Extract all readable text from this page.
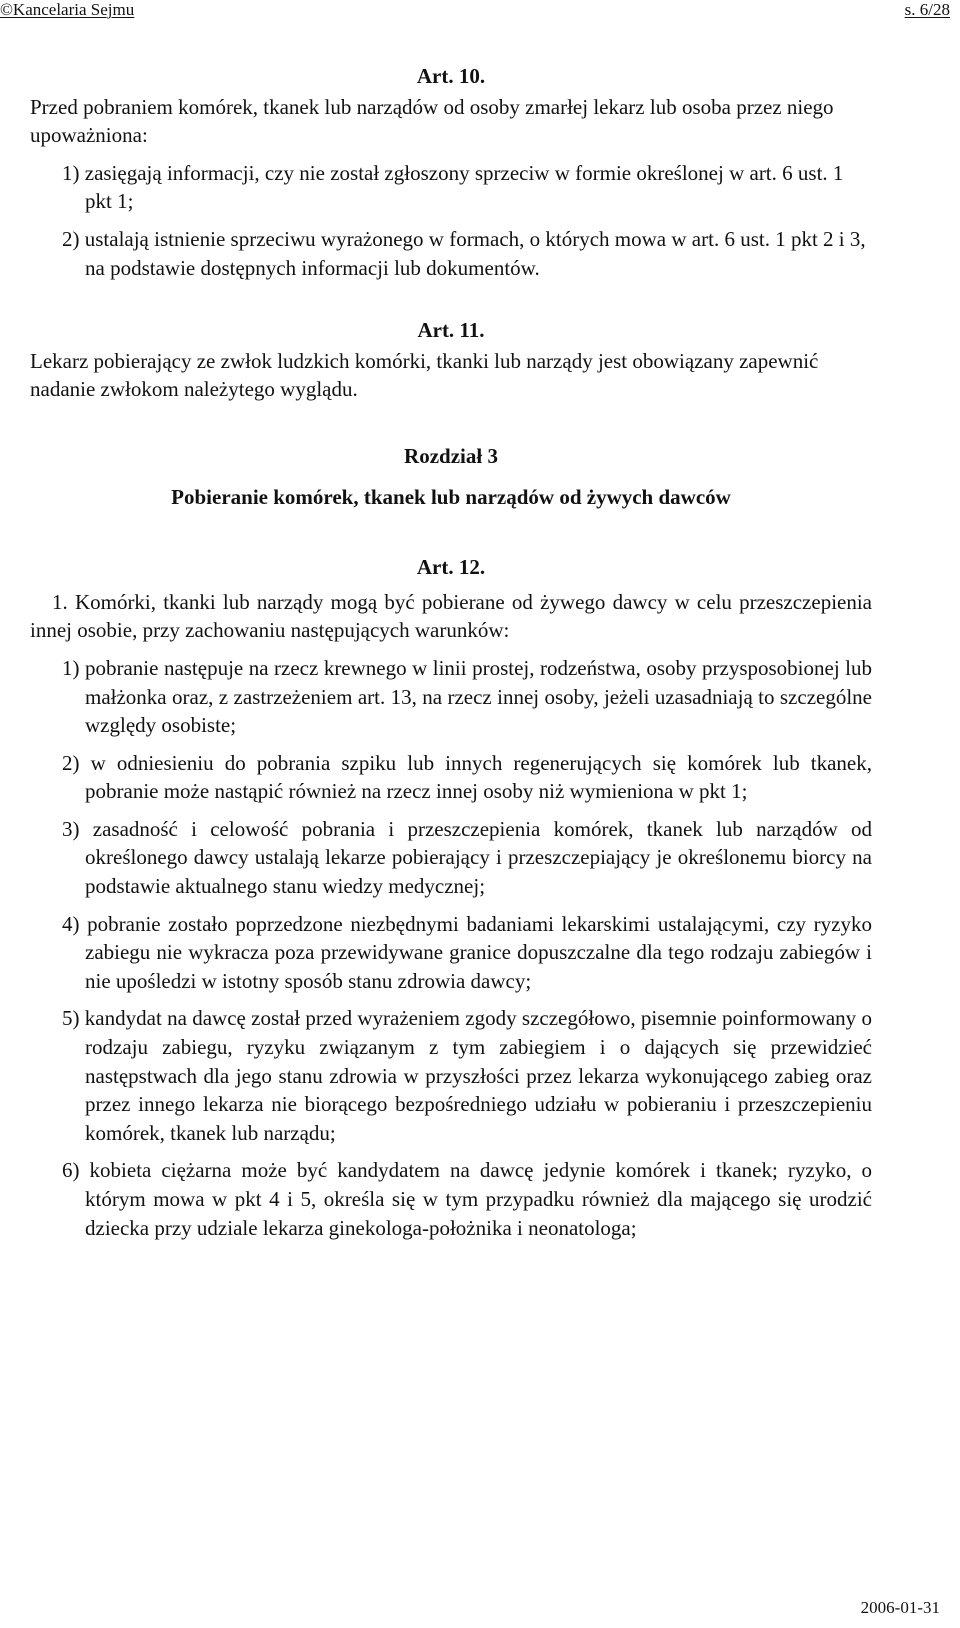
©Kancelaria Sejmu	s. 6/28

Art. 10.

Przed pobraniem komórek, tkanek lub narządów od osoby zmarłej lekarz lub osoba przez niego upoważniona:

1) zasięgają informacji, czy nie został zgłoszony sprzeciw w formie określonej w art. 6 ust. 1 pkt 1;

2) ustalają istnienie sprzeciwu wyrażonego w formach, o których mowa w art. 6 ust. 1 pkt 2 i 3, na podstawie dostępnych informacji lub dokumentów.

Art. 11.

Lekarz pobierający ze zwłok ludzkich komórki, tkanki lub narządy jest obowiązany zapewnić nadanie zwłokom należytego wyglądu.

Rozdział 3

Pobieranie komórek, tkanek lub narządów od żywych dawców

Art. 12.

1. Komórki, tkanki lub narządy mogą być pobierane od żywego dawcy w celu przeszczepienia innej osobie, przy zachowaniu następujących warunków:

1) pobranie następuje na rzecz krewnego w linii prostej, rodzeństwa, osoby przysposobionej lub małżonka oraz, z zastrzeżeniem art. 13, na rzecz innej osoby, jeżeli uzasadniają to szczególne względy osobiste;

2) w odniesieniu do pobrania szpiku lub innych regenerujących się komórek lub tkanek, pobranie może nastąpić również na rzecz innej osoby niż wymieniona w pkt 1;

3) zasadność i celowość pobrania i przeszczepienia komórek, tkanek lub narządów od określonego dawcy ustalają lekarze pobierający i przeszczepiający je określonemu biorcy na podstawie aktualnego stanu wiedzy medycznej;

4) pobranie zostało poprzedzone niezbędnymi badaniami lekarskimi ustalającymi, czy ryzyko zabiegu nie wykracza poza przewidywane granice dopuszczalne dla tego rodzaju zabiegów i nie upośledzi w istotny sposób stanu zdrowia dawcy;

5) kandydat na dawcę został przed wyrażeniem zgody szczegółowo, pisemnie poinformowany o rodzaju zabiegu, ryzyku związanym z tym zabiegiem i o dających się przewidzieć następstwach dla jego stanu zdrowia w przyszłości przez lekarza wykonującego zabieg oraz przez innego lekarza nie biorącego bezpośredniego udziału w pobieraniu i przeszczepieniu komórek, tkanek lub narządu;

6) kobieta ciężarna może być kandydatem na dawcę jedynie komórek i tkanek; ryzyko, o którym mowa w pkt 4 i 5, określa się w tym przypadku również dla mającego się urodzić dziecka przy udziale lekarza ginekologa-położnika i neonatologa;

2006-01-31
